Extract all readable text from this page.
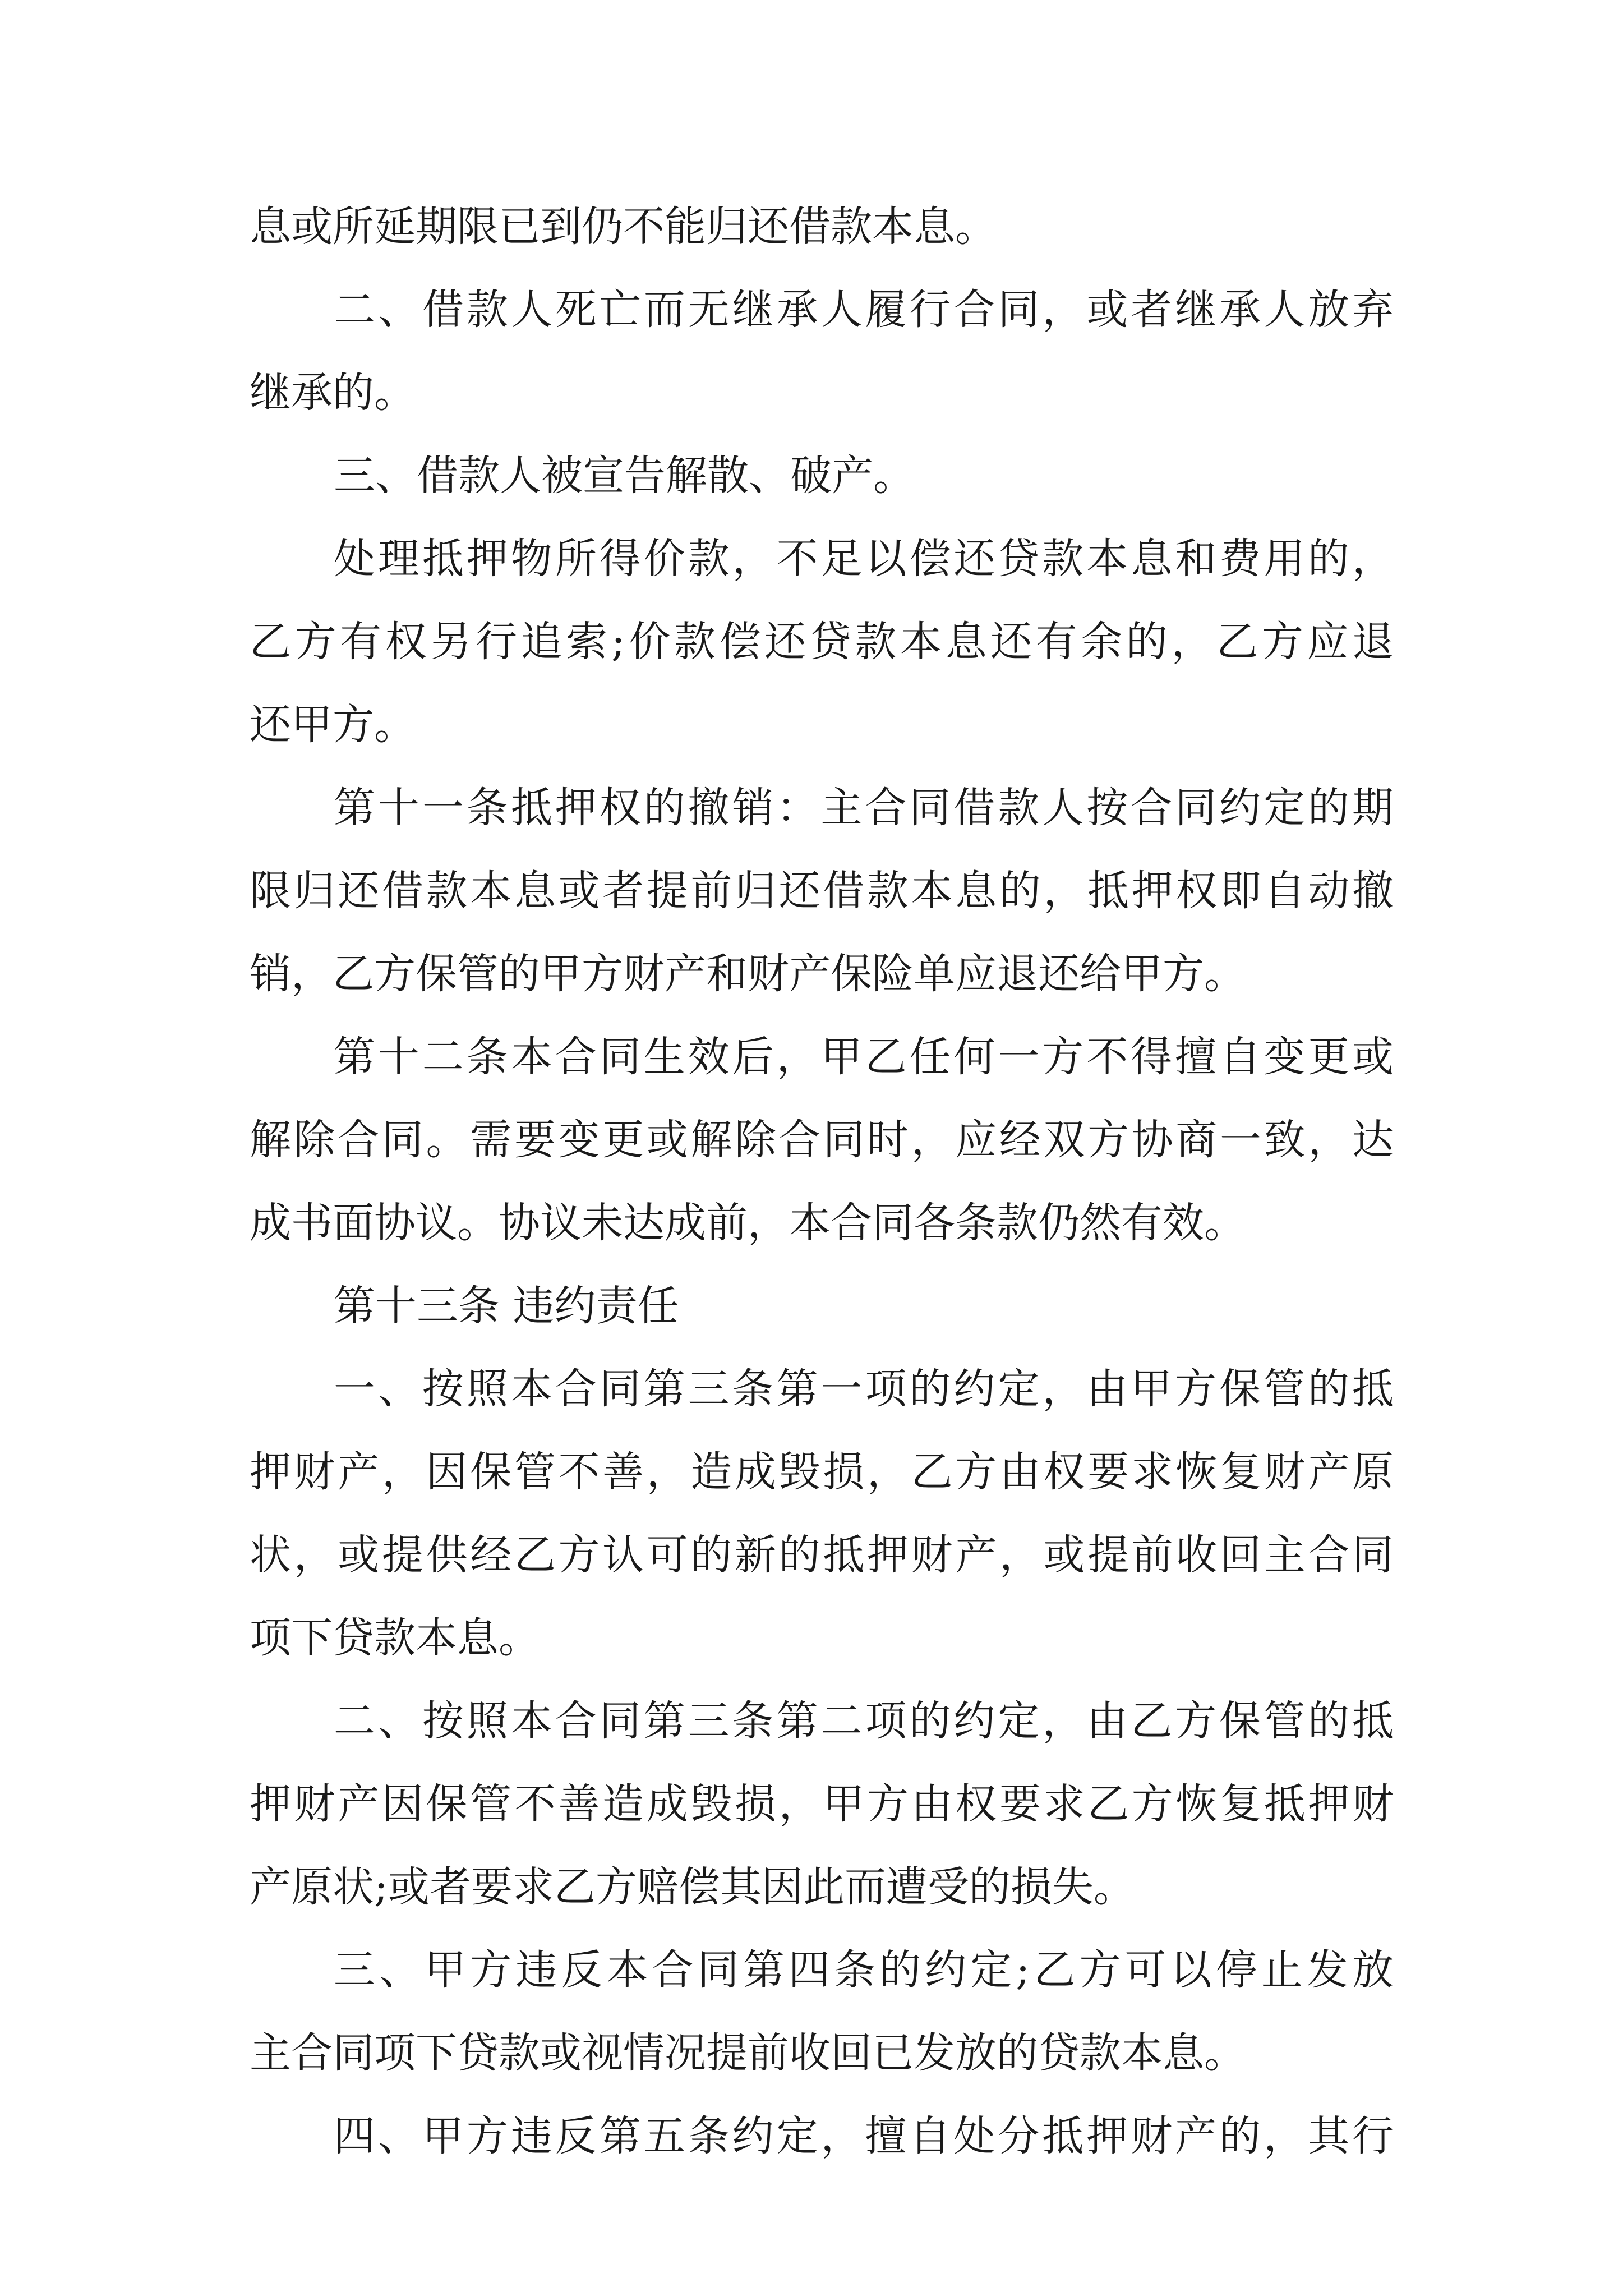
息或所延期限已到仍不能归还借款本息。
二、借款人死亡而无继承人履行合同，或者继承人放弃
继承的。
三、借款人被宣告解散、破产。
处理抵押物所得价款，不足以偿还贷款本息和费用的，
乙方有权另行追索;价款偿还贷款本息还有余的，乙方应退
还甲方。
第十一条抵押权的撤销：主合同借款人按合同约定的期
限归还借款本息或者提前归还借款本息的，抵押权即自动撤
销，乙方保管的甲方财产和财产保险单应退还给甲方。
第十二条本合同生效后，甲乙任何一方不得擅自变更或
解除合同。需要变更或解除合同时，应经双方协商一致，达
成书面协议。协议未达成前，本合同各条款仍然有效。
第十三条 违约责任
一、按照本合同第三条第一项的约定，由甲方保管的抵
押财产，因保管不善，造成毁损，乙方由权要求恢复财产原
状，或提供经乙方认可的新的抵押财产，或提前收回主合同
项下贷款本息。
二、按照本合同第三条第二项的约定，由乙方保管的抵
押财产因保管不善造成毁损，甲方由权要求乙方恢复抵押财
产原状;或者要求乙方赔偿其因此而遭受的损失。
三、甲方违反本合同第四条的约定;乙方可以停止发放
主合同项下贷款或视情况提前收回已发放的贷款本息。
四、甲方违反第五条约定，擅自处分抵押财产的，其行
